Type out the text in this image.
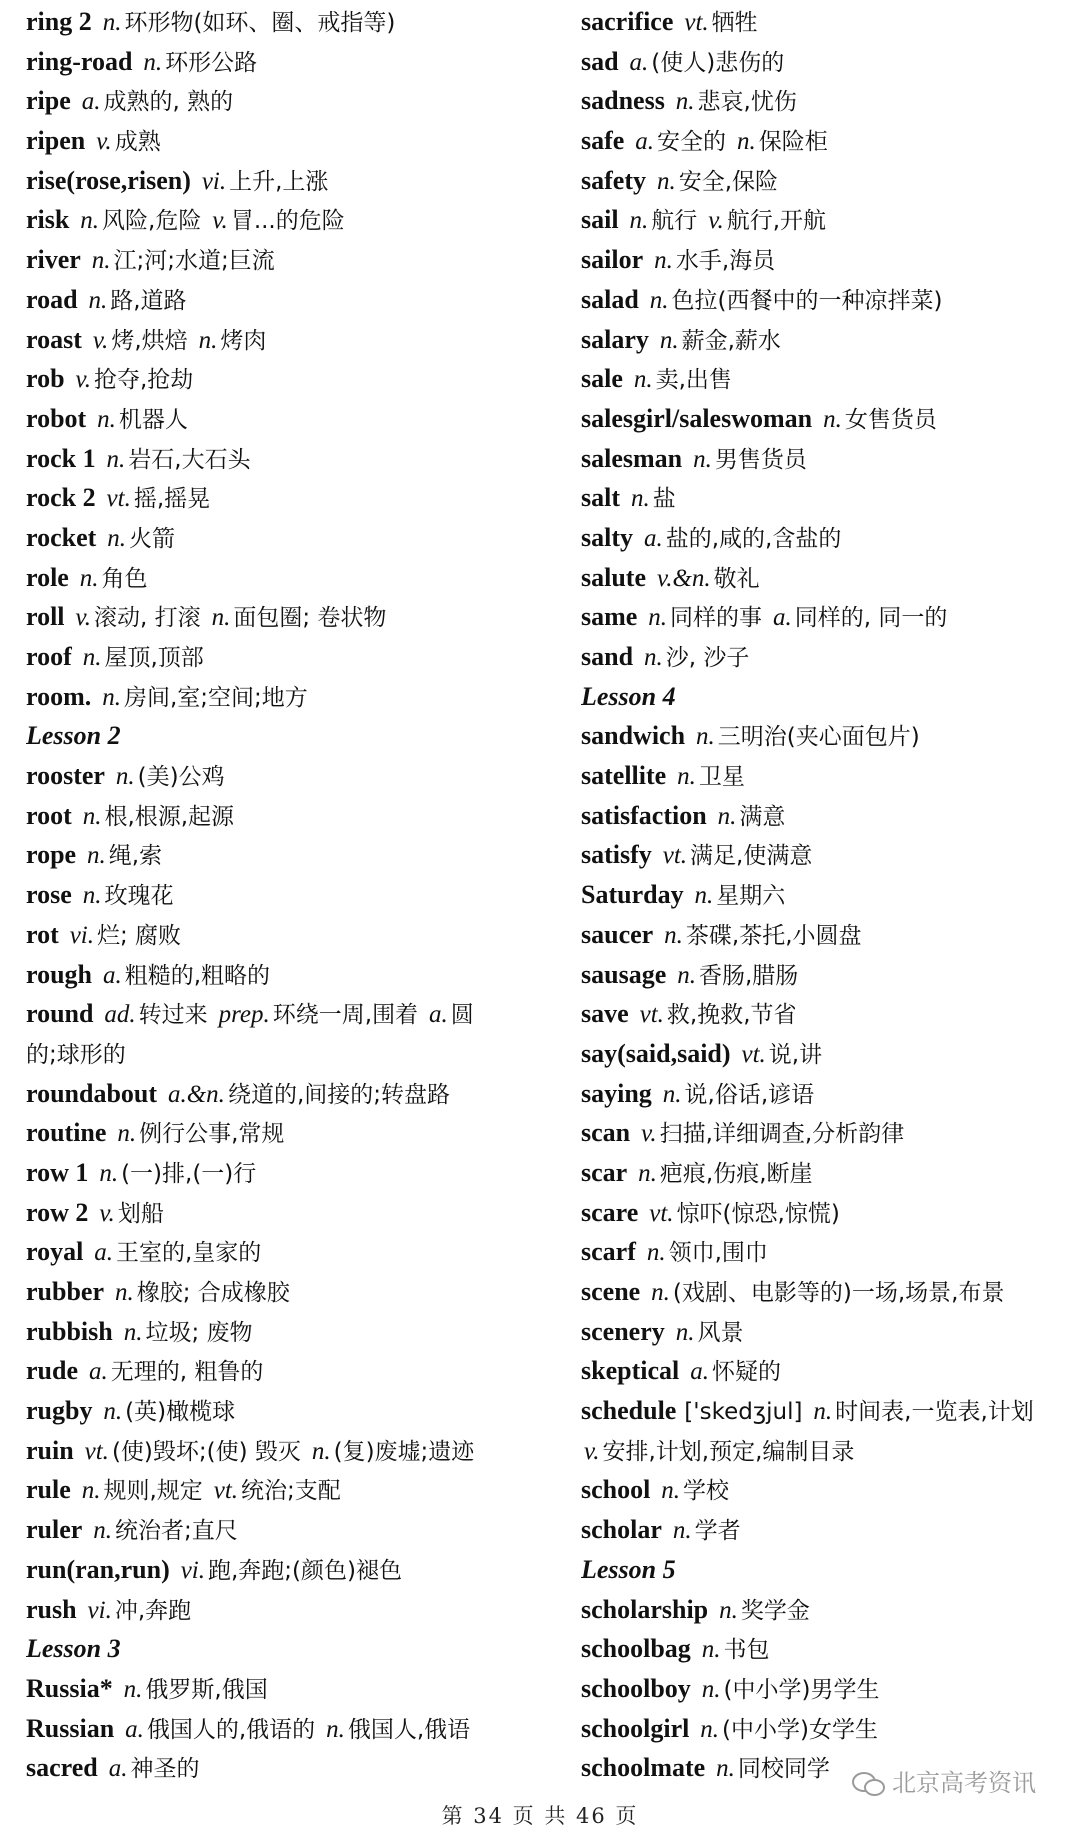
ring 2 n. 环形物(如环、圈、戒指等)
ring-road n. 环形公路
ripe a. 成熟的, 熟的
ripen v. 成熟
rise(rose,risen) vi. 上升,上涨
risk n. 风险,危险 v. 冒...的危险
river n. 江;河;水道;巨流
road n. 路,道路
roast v. 烤,烘焙 n. 烤肉
rob v. 抢夺,抢劫
robot n. 机器人
rock 1 n. 岩石,大石头
rock 2 vt. 摇,摇晃
rocket n. 火箭
role n. 角色
roll v. 滚动, 打滚 n. 面包圈; 卷状物
roof n. 屋顶,顶部
room. n. 房间,室;空间;地方
Lesson 2
rooster n. (美)公鸡
root n. 根,根源,起源
rope n. 绳,索
rose n. 玫瑰花
rot vi. 烂; 腐败
rough a. 粗糙的,粗略的
round ad. 转过来 prep. 环绕一周,围着 a. 圆
的;球形的
roundabout a.&n. 绕道的,间接的;转盘路
routine n. 例行公事,常规
row 1 n. (一)排,(一)行
row 2 v. 划船
royal a. 王室的,皇家的
rubber n. 橡胶; 合成橡胶
rubbish n. 垃圾; 废物
rude a. 无理的, 粗鲁的
rugby n. (英)橄榄球
ruin vt. (使)毁坏;(使) 毁灭 n. (复)废墟;遗迹
rule n. 规则,规定 vt. 统治;支配
ruler n. 统治者;直尺
run(ran,run) vi. 跑,奔跑;(颜色)褪色
rush vi. 冲,奔跑
Lesson 3
Russia* n. 俄罗斯,俄国
Russian a. 俄国人的,俄语的 n. 俄国人,俄语
sacred a. 神圣的
sacrifice vt. 牺牲
sad a. (使人)悲伤的
sadness n. 悲哀,忧伤
safe a. 安全的 n. 保险柜
safety n. 安全,保险
sail n. 航行 v. 航行,开航
sailor n. 水手,海员
salad n. 色拉(西餐中的一种凉拌菜)
salary n. 薪金,薪水
sale n. 卖,出售
salesgirl/saleswoman n. 女售货员
salesman n. 男售货员
salt n. 盐
salty a. 盐的,咸的,含盐的
salute v.&n. 敬礼
same n. 同样的事 a. 同样的, 同一的
sand n. 沙, 沙子
Lesson 4
sandwich n. 三明治(夹心面包片)
satellite n. 卫星
satisfaction n. 满意
satisfy vt. 满足,使满意
Saturday n. 星期六
saucer n. 茶碟,茶托,小圆盘
sausage n. 香肠,腊肠
save vt. 救,挽救,节省
say(said,said) vt. 说,讲
saying n. 说,俗话,谚语
scan v. 扫描,详细调查,分析韵律
scar n. 疤痕,伤痕,断崖
scare vt. 惊吓(惊恐,惊慌)
scarf n. 领巾,围巾
scene n. (戏剧、电影等的)一场,场景,布景
scenery n. 风景
skeptical a. 怀疑的
schedule ['skedʒjul] n. 时间表,一览表,计划
v. 安排,计划,预定,编制目录
school n. 学校
scholar n. 学者
Lesson 5
scholarship n. 奖学金
schoolbag n. 书包
schoolboy n. (中小学)男学生
schoolgirl n. (中小学)女学生
schoolmate n. 同校同学	北京高考资讯
第 34 页 共 46 页
